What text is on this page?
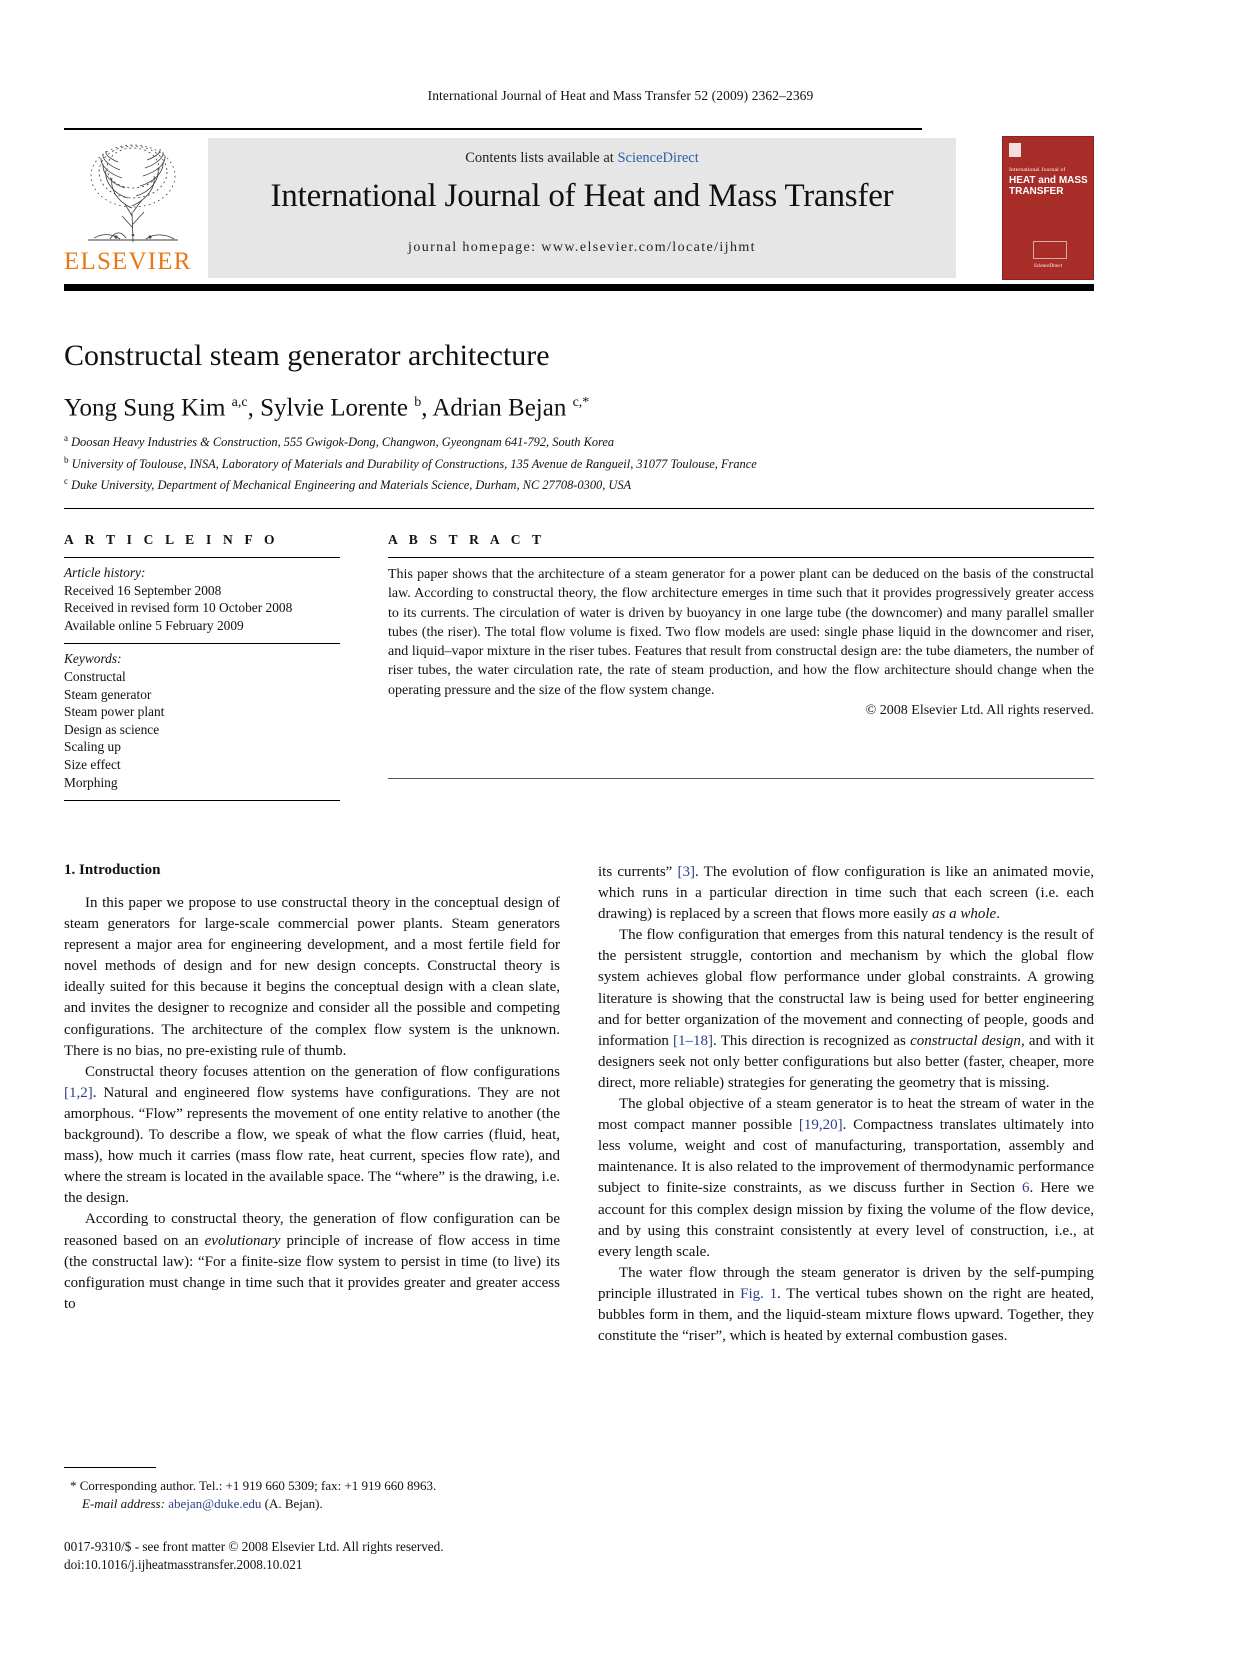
International Journal of Heat and Mass Transfer 52 (2009) 2362–2369
ELSEVIER
Contents lists available at ScienceDirect
International Journal of Heat and Mass Transfer
journal homepage: www.elsevier.com/locate/ijhmt
International Journal of
HEAT and MASS
TRANSFER
ScienceDirect
Constructal steam generator architecture
Yong Sung Kim $^{a,c}$, Sylvie Lorente $^b$, Adrian Bejan $^{c,*}$
$^a$ Doosan Heavy Industries & Construction, 555 Gwigok-Dong, Changwon, Gyeongnam 641-792, South Korea
$^b$ University of Toulouse, INSA, Laboratory of Materials and Durability of Constructions, 135 Avenue de Rangueil, 31077 Toulouse, France
$^c$ Duke University, Department of Mechanical Engineering and Materials Science, Durham, NC 27708-0300, USA
A R T I C L E I N F O
Article history:
Received 16 September 2008
Received in revised form 10 October 2008
Available online 5 February 2009
Keywords:
Constructal
Steam generator
Steam power plant
Design as science
Scaling up
Size effect
Morphing
A B S T R A C T
This paper shows that the architecture of a steam generator for a power plant can be deduced on the basis of the constructal law. According to constructal theory, the flow architecture emerges in time such that it provides progressively greater access to its currents. The circulation of water is driven by buoyancy in one large tube (the downcomer) and many parallel smaller tubes (the riser). The total flow volume is fixed. Two flow models are used: single phase liquid in the downcomer and riser, and liquid–vapor mixture in the riser tubes. Features that result from constructal design are: the tube diameters, the number of riser tubes, the water circulation rate, the rate of steam production, and how the flow architecture should change when the operating pressure and the size of the flow system change.
© 2008 Elsevier Ltd. All rights reserved.
1. Introduction

In this paper we propose to use constructal theory in the conceptual design of steam generators for large-scale commercial power plants. Steam generators represent a major area for engineering development, and a most fertile field for novel methods of design and for new design concepts. Constructal theory is ideally suited for this because it begins the conceptual design with a clean slate, and invites the designer to recognize and consider all the possible and competing configurations. The architecture of the complex flow system is the unknown. There is no bias, no pre-existing rule of thumb.

Constructal theory focuses attention on the generation of flow configurations [1,2]. Natural and engineered flow systems have configurations. They are not amorphous. “Flow” represents the movement of one entity relative to another (the background). To describe a flow, we speak of what the flow carries (fluid, heat, mass), how much it carries (mass flow rate, heat current, species flow rate), and where the stream is located in the available space. The “where” is the drawing, i.e. the design.

According to constructal theory, the generation of flow configuration can be reasoned based on an evolutionary principle of increase of flow access in time (the constructal law): “For a finite-size flow system to persist in time (to live) its configuration must change in time such that it provides greater and greater access to

its currents” [3]. The evolution of flow configuration is like an animated movie, which runs in a particular direction in time such that each screen (i.e. each drawing) is replaced by a screen that flows more easily as a whole.

The flow configuration that emerges from this natural tendency is the result of the persistent struggle, contortion and mechanism by which the global flow system achieves global flow performance under global constraints. A growing literature is showing that the constructal law is being used for better engineering and for better organization of the movement and connecting of people, goods and information [1–18]. This direction is recognized as constructal design, and with it designers seek not only better configurations but also better (faster, cheaper, more direct, more reliable) strategies for generating the geometry that is missing.

The global objective of a steam generator is to heat the stream of water in the most compact manner possible [19,20]. Compactness translates ultimately into less volume, weight and cost of manufacturing, transportation, assembly and maintenance. It is also related to the improvement of thermodynamic performance subject to finite-size constraints, as we discuss further in Section 6. Here we account for this complex design mission by fixing the volume of the flow device, and by using this constraint consistently at every level of construction, i.e., at every length scale.

The water flow through the steam generator is driven by the self-pumping principle illustrated in Fig. 1. The vertical tubes shown on the right are heated, bubbles form in them, and the liquid-steam mixture flows upward. Together, they constitute the “riser”, which is heated by external combustion gases.

* Corresponding author. Tel.: +1 919 660 5309; fax: +1 919 660 8963.
E-mail address: abejan@duke.edu (A. Bejan).
0017-9310/$ - see front matter © 2008 Elsevier Ltd. All rights reserved.
doi:10.1016/j.ijheatmasstransfer.2008.10.021
